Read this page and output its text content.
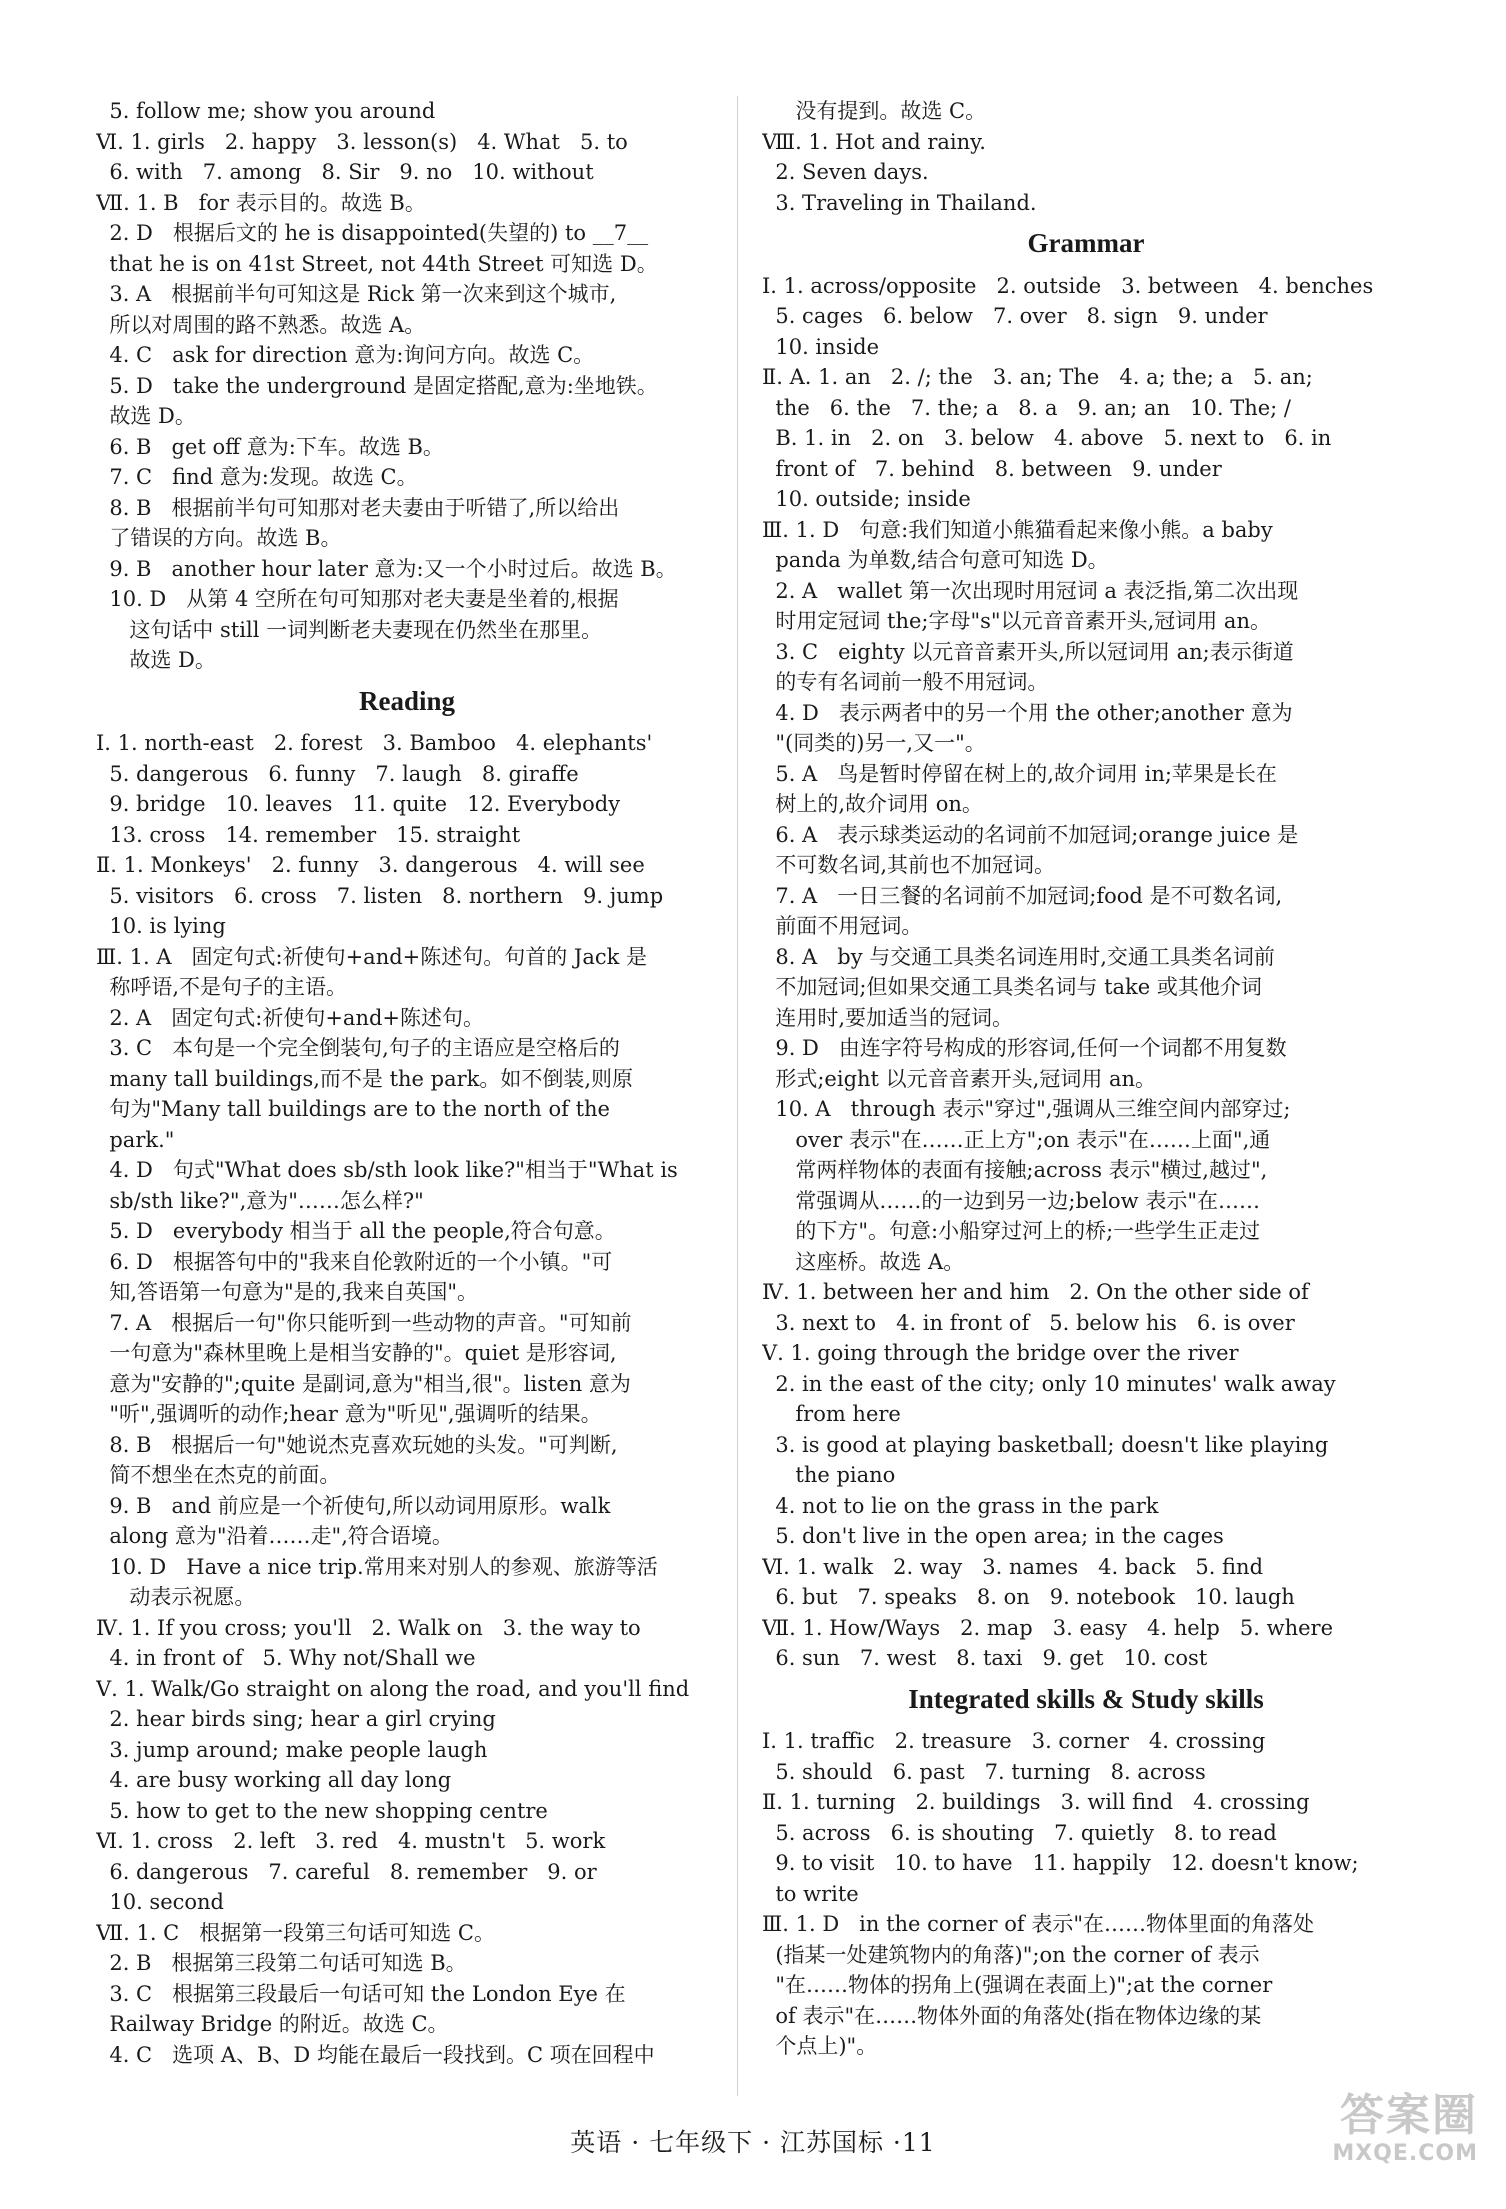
5. follow me; show you around
Ⅵ. 1. girls   2. happy   3. lesson(s)   4. What   5. to
6. with   7. among   8. Sir   9. no   10. without
Ⅶ. 1. B   for 表示目的。故选 B。
2. D   根据后文的 he is disappointed(失望的) to __7__
that he is on 41st Street, not 44th Street 可知选 D。
3. A   根据前半句可知这是 Rick 第一次来到这个城市,
所以对周围的路不熟悉。故选 A。
4. C   ask for direction 意为:询问方向。故选 C。
5. D   take the underground 是固定搭配,意为:坐地铁。
故选 D。
6. B   get off 意为:下车。故选 B。
7. C   find 意为:发现。故选 C。
8. B   根据前半句可知那对老夫妻由于听错了,所以给出
了错误的方向。故选 B。
9. B   another hour later 意为:又一个小时过后。故选 B。
10. D   从第 4 空所在句可知那对老夫妻是坐着的,根据
这句话中 still 一词判断老夫妻现在仍然坐在那里。
故选 D。
Reading
Ⅰ. 1. north-east   2. forest   3. Bamboo   4. elephants'
5. dangerous   6. funny   7. laugh   8. giraffe
9. bridge   10. leaves   11. quite   12. Everybody
13. cross   14. remember   15. straight
Ⅱ. 1. Monkeys'   2. funny   3. dangerous   4. will see
5. visitors   6. cross   7. listen   8. northern   9. jump
10. is lying
Ⅲ. 1. A   固定句式:祈使句+and+陈述句。句首的 Jack 是
称呼语,不是句子的主语。
2. A   固定句式:祈使句+and+陈述句。
3. C   本句是一个完全倒装句,句子的主语应是空格后的
many tall buildings,而不是 the park。如不倒装,则原
句为"Many tall buildings are to the north of the
park."
4. D   句式"What does sb/sth look like?"相当于"What is
sb/sth like?",意为"……怎么样?"
5. D   everybody 相当于 all the people,符合句意。
6. D   根据答句中的"我来自伦敦附近的一个小镇。"可
知,答语第一句意为"是的,我来自英国"。
7. A   根据后一句"你只能听到一些动物的声音。"可知前
一句意为"森林里晚上是相当安静的"。quiet 是形容词,
意为"安静的";quite 是副词,意为"相当,很"。listen 意为
"听",强调听的动作;hear 意为"听见",强调听的结果。
8. B   根据后一句"她说杰克喜欢玩她的头发。"可判断,
简不想坐在杰克的前面。
9. B   and 前应是一个祈使句,所以动词用原形。walk
along 意为"沿着……走",符合语境。
10. D   Have a nice trip.常用来对别人的参观、旅游等活
动表示祝愿。
Ⅳ. 1. If you cross; you'll   2. Walk on   3. the way to
4. in front of   5. Why not/Shall we
Ⅴ. 1. Walk/Go straight on along the road, and you'll find
2. hear birds sing; hear a girl crying
3. jump around; make people laugh
4. are busy working all day long
5. how to get to the new shopping centre
Ⅵ. 1. cross   2. left   3. red   4. mustn't   5. work
6. dangerous   7. careful   8. remember   9. or
10. second
Ⅶ. 1. C   根据第一段第三句话可知选 C。
2. B   根据第三段第二句话可知选 B。
3. C   根据第三段最后一句话可知 the London Eye 在
Railway Bridge 的附近。故选 C。
4. C   选项 A、B、D 均能在最后一段找到。C 项在回程中
没有提到。故选 C。
Ⅷ. 1. Hot and rainy.
2. Seven days.
3. Traveling in Thailand.
Grammar
Ⅰ. 1. across/opposite   2. outside   3. between   4. benches
5. cages   6. below   7. over   8. sign   9. under
10. inside
Ⅱ. A. 1. an   2. /; the   3. an; The   4. a; the; a   5. an;
the   6. the   7. the; a   8. a   9. an; an   10. The; /
B. 1. in   2. on   3. below   4. above   5. next to   6. in
front of   7. behind   8. between   9. under
10. outside; inside
Ⅲ. 1. D   句意:我们知道小熊猫看起来像小熊。a baby
panda 为单数,结合句意可知选 D。
2. A   wallet 第一次出现时用冠词 a 表泛指,第二次出现
时用定冠词 the;字母"s"以元音音素开头,冠词用 an。
3. C   eighty 以元音音素开头,所以冠词用 an;表示街道
的专有名词前一般不用冠词。
4. D   表示两者中的另一个用 the other;another 意为
"(同类的)另一,又一"。
5. A   鸟是暂时停留在树上的,故介词用 in;苹果是长在
树上的,故介词用 on。
6. A   表示球类运动的名词前不加冠词;orange juice 是
不可数名词,其前也不加冠词。
7. A   一日三餐的名词前不加冠词;food 是不可数名词,
前面不用冠词。
8. A   by 与交通工具类名词连用时,交通工具类名词前
不加冠词;但如果交通工具类名词与 take 或其他介词
连用时,要加适当的冠词。
9. D   由连字符号构成的形容词,任何一个词都不用复数
形式;eight 以元音音素开头,冠词用 an。
10. A   through 表示"穿过",强调从三维空间内部穿过;
over 表示"在……正上方";on 表示"在……上面",通
常两样物体的表面有接触;across 表示"横过,越过",
常强调从……的一边到另一边;below 表示"在……
的下方"。句意:小船穿过河上的桥;一些学生正走过
这座桥。故选 A。
Ⅳ. 1. between her and him   2. On the other side of
3. next to   4. in front of   5. below his   6. is over
Ⅴ. 1. going through the bridge over the river
2. in the east of the city; only 10 minutes' walk away
from here
3. is good at playing basketball; doesn't like playing
the piano
4. not to lie on the grass in the park
5. don't live in the open area; in the cages
Ⅵ. 1. walk   2. way   3. names   4. back   5. find
6. but   7. speaks   8. on   9. notebook   10. laugh
Ⅶ. 1. How/Ways   2. map   3. easy   4. help   5. where
6. sun   7. west   8. taxi   9. get   10. cost
Integrated skills & Study skills
Ⅰ. 1. traffic   2. treasure   3. corner   4. crossing
5. should   6. past   7. turning   8. across
Ⅱ. 1. turning   2. buildings   3. will find   4. crossing
5. across   6. is shouting   7. quietly   8. to read
9. to visit   10. to have   11. happily   12. doesn't know;
to write
Ⅲ. 1. D   in the corner of 表示"在……物体里面的角落处
(指某一处建筑物内的角落)";on the corner of 表示
"在……物体的拐角上(强调在表面上)";at the corner
of 表示"在……物体外面的角落处(指在物体边缘的某
个点上)"。
英语 · 七年级下 · 江苏国标 ·11
答案圈
MXQE.COM
